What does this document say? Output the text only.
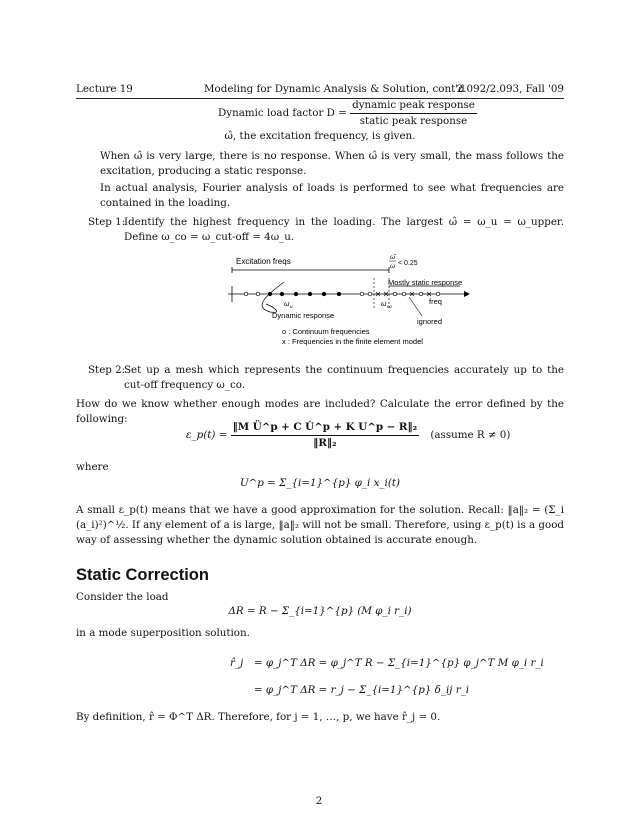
Lecture 19	Modeling for Dynamic Analysis & Solution, cont'd
2.092/2.093, Fall '09
Dynamic load factor $D = \frac{\text{dynamic peak response}}{\text{static peak response}}$
ω̂, the excitation frequency, is given.
When ω̂ is very large, there is no response. When ω̂ is very small, the mass follows the excitation, producing a static response.
In actual analysis, Fourier analysis of loads is performed to see what frequencies are contained in the loading.
Step 1:
Identify the highest frequency in the loading. The largest ω̂ = ω_u = ω_upper. Define ω_co = ω_cut-off = 4ω_u.
Excitation freqs	ω̂
ω < 0.25
Mostly static response
freq
ω u	ω co
Dynamic response
ignored
o : Continuum frequencies
x : Frequencies in the finite element model
Step 2:
Set up a mesh which represents the continuum frequencies accurately up to the cut-off frequency ω_co.
How do we know whether enough modes are included? Calculate the error defined by the following:
ε_p(t) = $\frac{\text{‖M Ü\textasciicircum{}p + C U̇\textasciicircum{}p + K U\textasciicircum{}p − R‖₂}}{\text{‖R‖₂}}$ (assume R ≠ 0)
where
U^p = Σ_{i=1}^{p} φ_i x_i(t)
A small ε_p(t) means that we have a good approximation for the solution. Recall: ‖a‖₂ = (Σ_i (a_i)²)^½. If any element of a is large, ‖a‖₂ will not be small. Therefore, using ε_p(t) is a good way of assessing whether the dynamic solution obtained is accurate enough.
Static Correction
Consider the load
ΔR = R − Σ_{i=1}^{p} (M φ_i r_i)
in a mode superposition solution.
r̂_j = φ_j^T ΔR = φ_j^T R − Σ_{i=1}^{p} φ_j^T M φ_i r_i
= φ_j^T ΔR = r_j − Σ_{i=1}^{p} δ_ij r_i
By definition, r̂ = Φ^T ΔR. Therefore, for j = 1, …, p, we have r̂_j = 0.
2
